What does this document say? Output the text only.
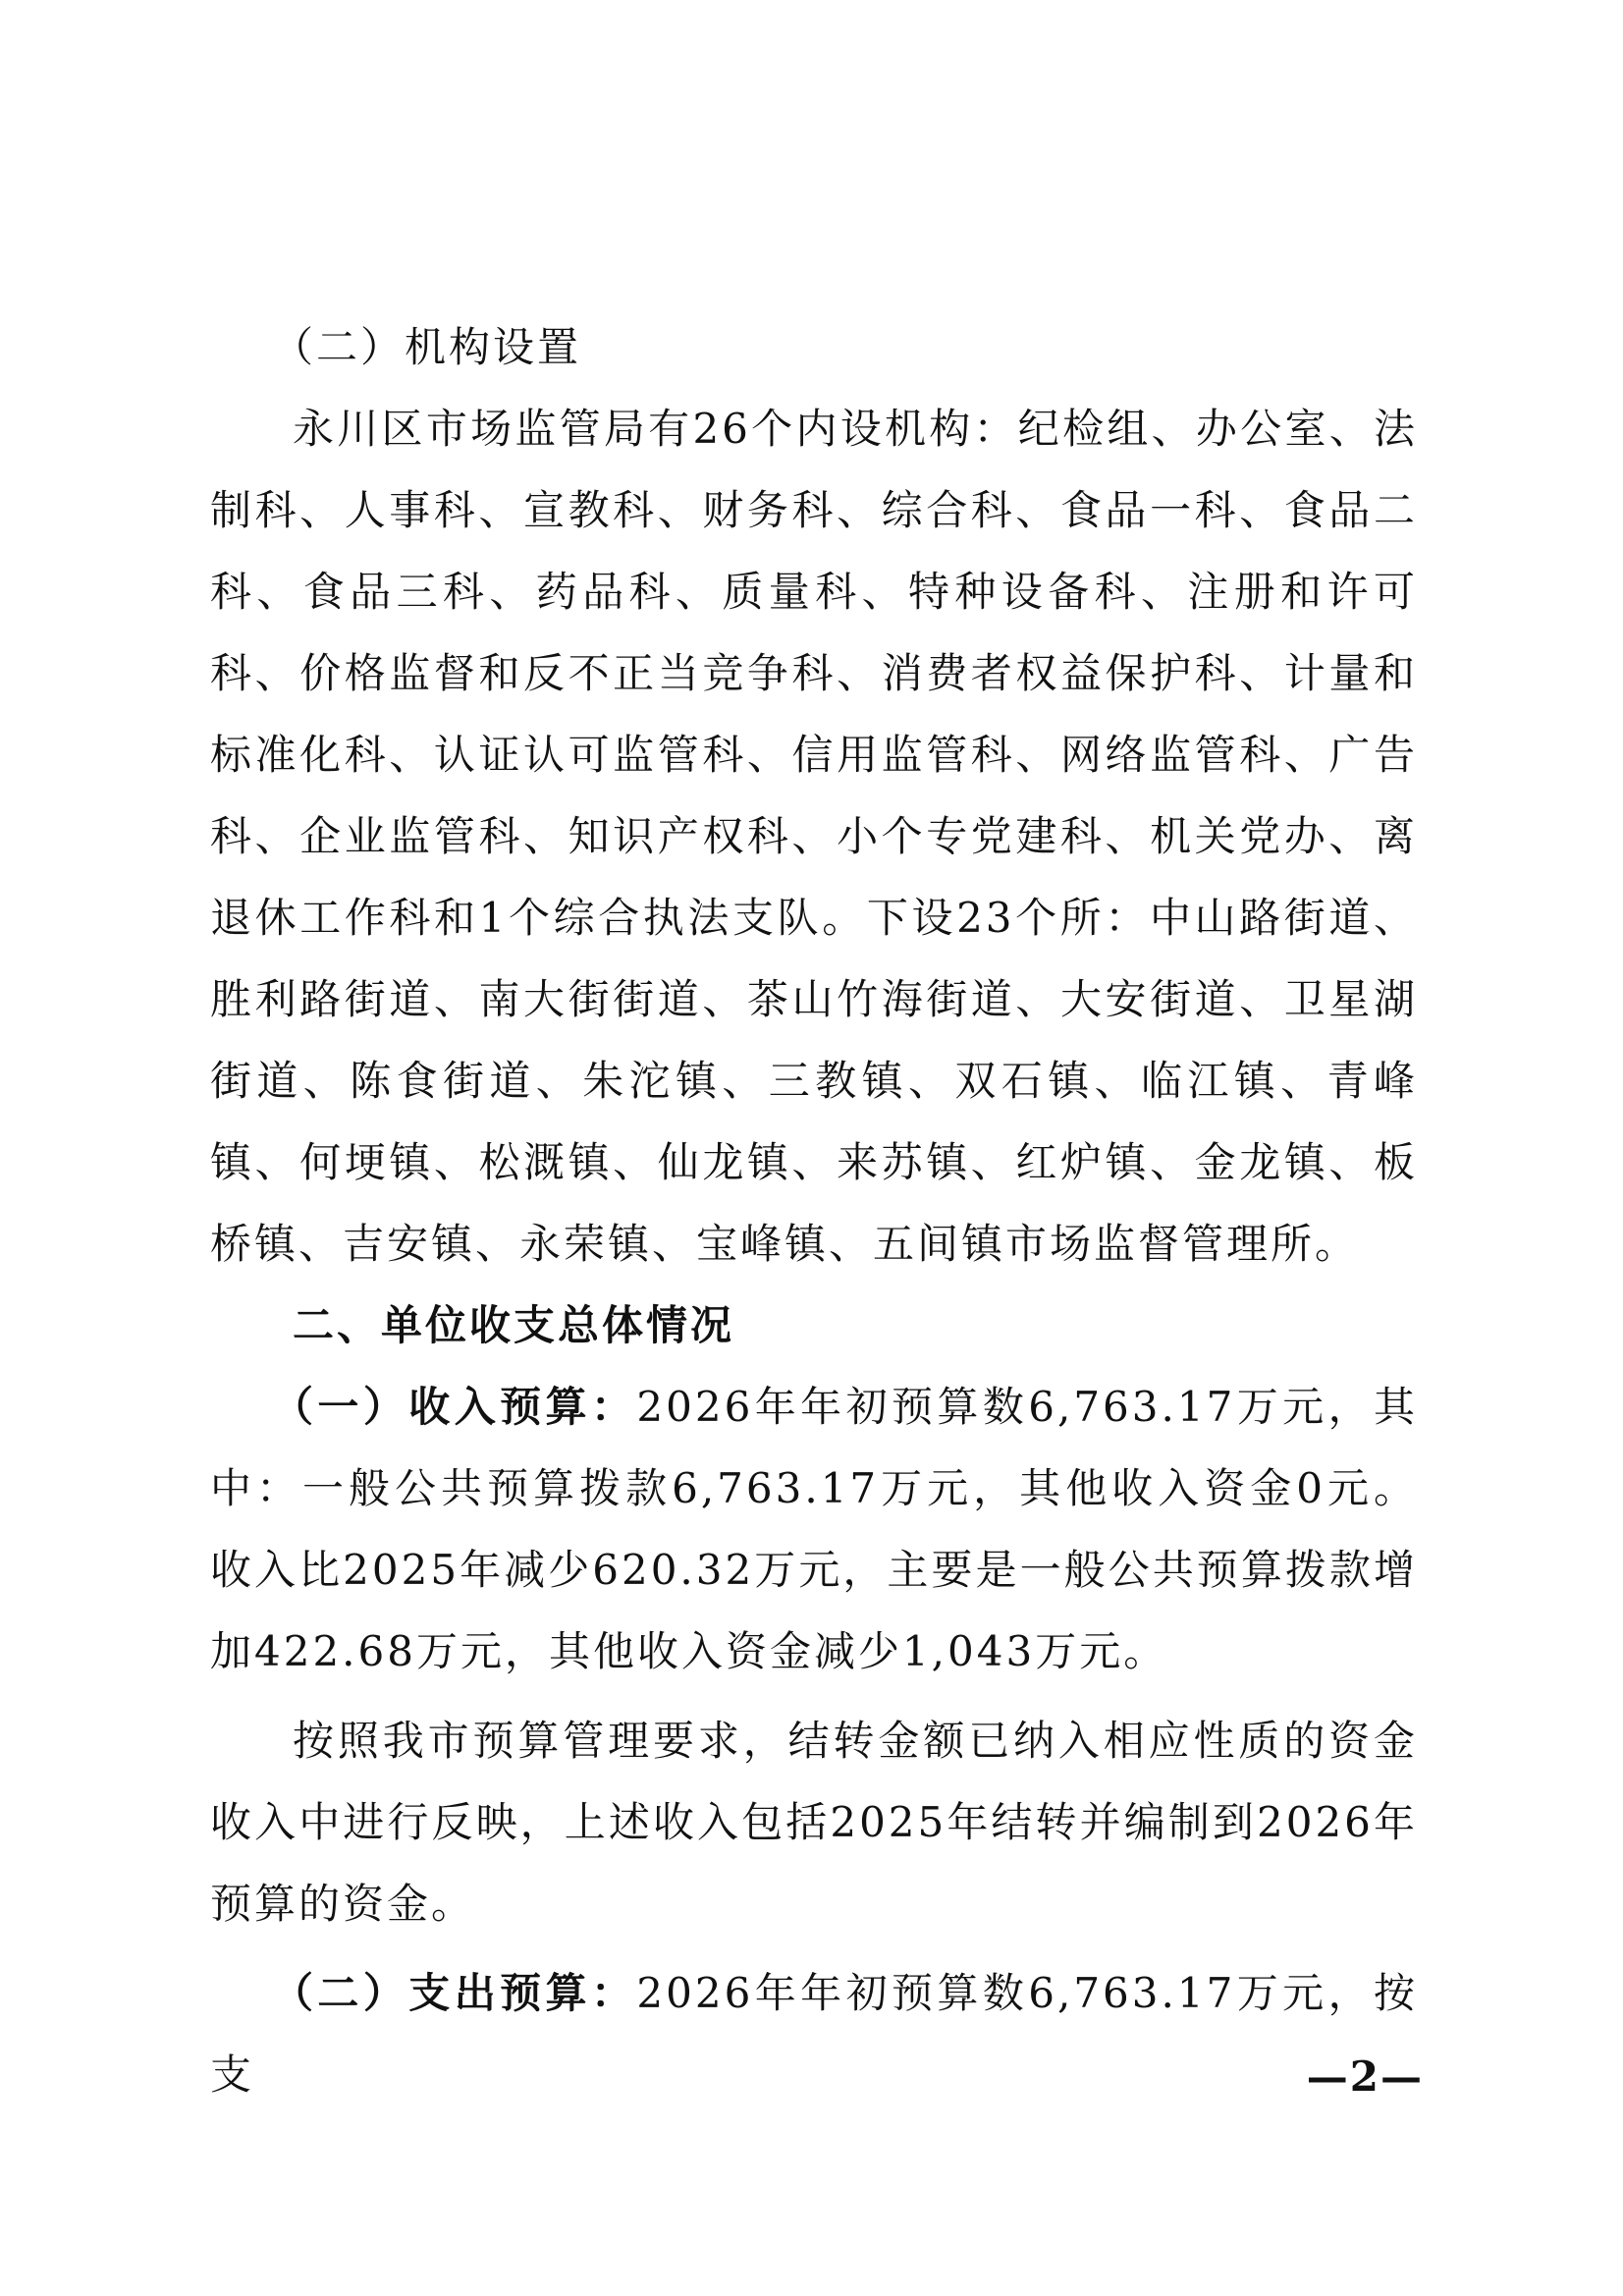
（二）机构设置

永川区市场监管局有26个内设机构：纪检组、办公室、法制科、人事科、宣教科、财务科、综合科、食品一科、食品二科、食品三科、药品科、质量科、特种设备科、注册和许可科、价格监督和反不正当竞争科、消费者权益保护科、计量和标准化科、认证认可监管科、信用监管科、网络监管科、广告科、企业监管科、知识产权科、小个专党建科、机关党办、离退休工作科和1个综合执法支队。下设23个所：中山路街道、胜利路街道、南大街街道、茶山竹海街道、大安街道、卫星湖街道、陈食街道、朱沱镇、三教镇、双石镇、临江镇、青峰镇、何埂镇、松溉镇、仙龙镇、来苏镇、红炉镇、金龙镇、板桥镇、吉安镇、永荣镇、宝峰镇、五间镇市场监督管理所。

二、单位收支总体情况

（一）收入预算：2026年年初预算数6,763.17万元，其中：一般公共预算拨款6,763.17万元，其他收入资金0元。收入比2025年减少620.32万元，主要是一般公共预算拨款增加422.68万元，其他收入资金减少1,043万元。

按照我市预算管理要求，结转金额已纳入相应性质的资金收入中进行反映，上述收入包括2025年结转并编制到2026年预算的资金。

（二）支出预算：2026年年初预算数6,763.17万元，按支	—2—
